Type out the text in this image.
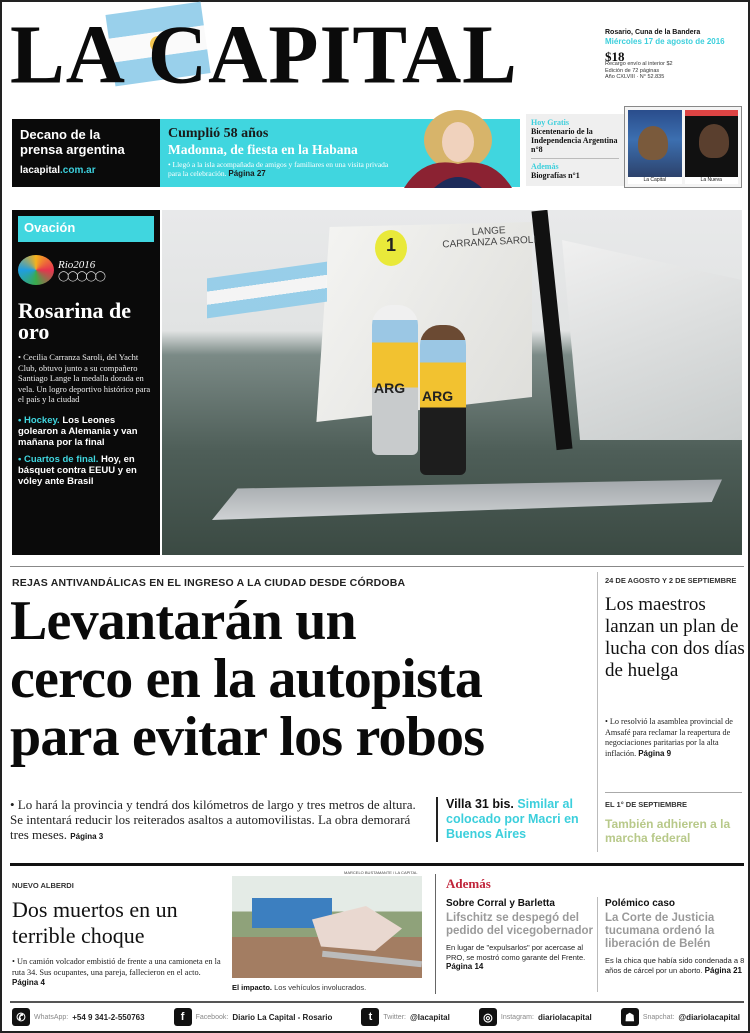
LA CAPITAL	Rosario, Cuna de la Bandera
Miércoles 17 de agosto de 2016
$18
Recargo envío al interior $2
Edición de 72 páginas
Año CXLVIII · N° 52.835
Decano de la
prensa argentina
lacapital.com.ar
Cumplió 58 años
Madonna, de fiesta en la Habana
• Llegó a la isla acompañada de amigos y familiares en una visita privada para la celebración. Página 27
Hoy Gratis
Bicentenario de la Independencia Argentina n°8
Además
Biografías n°1	La Capital	La Nueva
Ovación
Rio2016
◯◯◯◯◯
Rosarina de oro
• Cecilia Carranza Saroli, del Yacht Club, obtuvo junto a su compañero Santiago Lange la medalla dorada en vela. Un logro deportivo histórico para el país y la ciudad
• Hockey. Los Leones golearon a Alemania y van mañana por la final
• Cuartos de final. Hoy, en básquet contra EEUU y en vóley ante Brasil
1
LANGE
CARRANZA SAROLI
ARG ARG
REJAS ANTIVANDÁLICAS EN EL INGRESO A LA CIUDAD DESDE CÓRDOBA
Levantarán un
cerco en la autopista
para evitar los robos
• Lo hará la provincia y tendrá dos kilómetros de largo y tres metros de altura. Se intentará reducir los reiterados asaltos a automovilistas. La obra demorará tres meses. Página 3
Villa 31 bis. Similar al colocado por Macri en Buenos Aires
24 DE AGOSTO Y 2 DE SEPTIEMBRE
Los maestros lanzan un plan de lucha con dos días de huelga
• Lo resolvió la asamblea provincial de Amsafé para reclamar la reapertura de negociaciones paritarias por la alta inflación. Página 9
EL 1° DE SEPTIEMBRE
También adhieren a la marcha federal
NUEVO ALBERDI
Dos muertos en un terrible choque
• Un camión volcador embistió de frente a una camioneta en la ruta 34. Sus ocupantes, una pareja, fallecieron en el acto. Página 4
MARCELO BUSTAMANTE / LA CAPITAL
El impacto. Los vehículos involucrados.
Además
Sobre Corral y Barletta
Lifschitz se despegó del pedido del vicegobernador
En lugar de "expulsarlos" por acercase al PRO, se mostró como garante del Frente. Página 14
Polémico caso
La Corte de Justicia tucumana ordenó la liberación de Belén
Es la chica que había sido condenada a 8 años de cárcel por un aborto. Página 21
✆	WhatsApp: +54 9 341-2-550763	f	Facebook: Diario La Capital - Rosario	t	Twitter: @lacapital	◎	Instagram: diariolacapital	☗	Snapchat: @diariolacapital
